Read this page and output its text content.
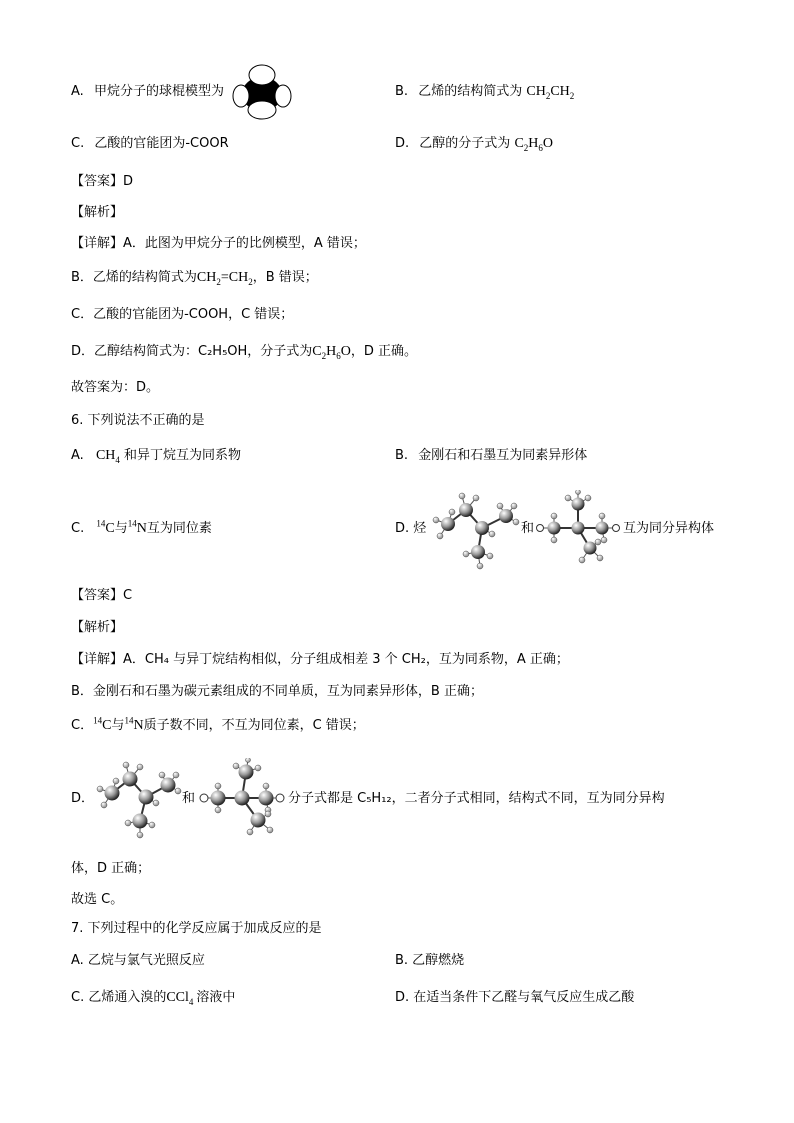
A. 甲烷分子的球棍模型为	B. 乙烯的结构简式为 $CH_2CH_2$
C. 乙酸的官能团为-COOR	D. 乙醇的分子式为 $C_2H_6O$
【答案】D
【解析】
【详解】A．此图为甲烷分子的比例模型，A 错误；
B．乙烯的结构简式为$CH_2=CH_2$，B 错误；
C．乙酸的官能团为-COOH，C 错误；
D．乙醇结构简式为：C₂H₅OH，分子式为$C_2H_6O$，D 正确。
故答案为：D。
6. 下列说法不正确的是
A. $CH_4$ 和异丁烷互为同系物	B. 金刚石和石墨互为同素异形体
C. $^{14}$C与$^{14}$N互为同位素	D. 烃	和	互为同分异构体
【答案】C
【解析】
【详解】A．CH₄ 与异丁烷结构相似，分子组成相差 3 个 CH₂，互为同系物，A 正确；
B．金刚石和石墨为碳元素组成的不同单质，互为同素异形体，B 正确；
C．$^{14}$C与$^{14}$N质子数不同，不互为同位素，C 错误；
D．	和	分子式都是 C₅H₁₂，二者分子式相同，结构式不同，互为同分异构
体，D 正确；
故选 C。
7. 下列过程中的化学反应属于加成反应的是
A. 乙烷与氯气光照反应	B. 乙醇燃烧
C. 乙烯通入溴的CCl$_4$ 溶液中	D. 在适当条件下乙醛与氧气反应生成乙酸
